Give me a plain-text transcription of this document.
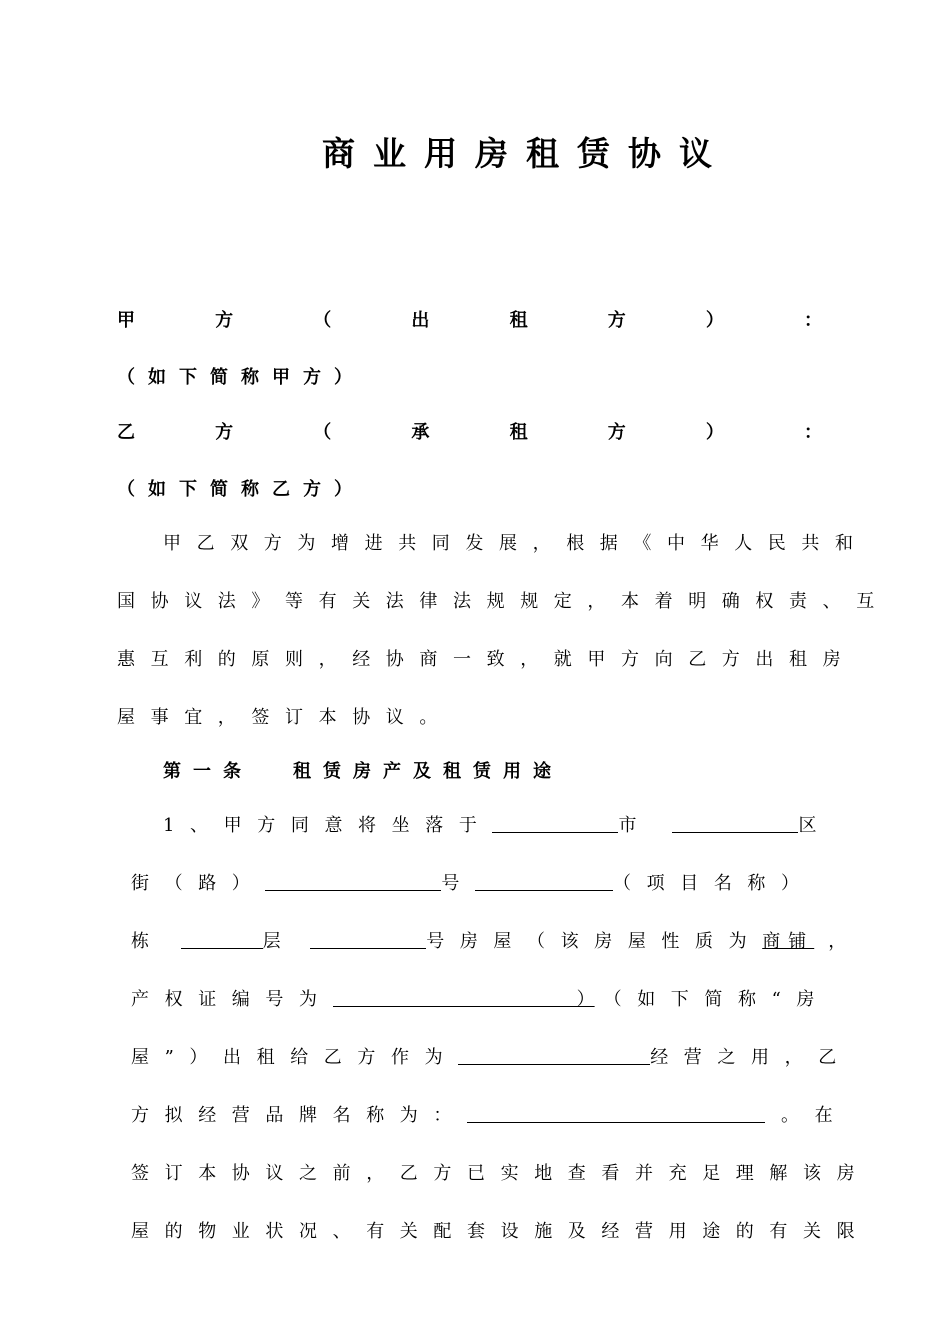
商业用房租赁协议
甲	方	（	出	租	方	）	：
（如下简称甲方）
乙	方	（	承	租	方	）	：
（如下简称乙方）
甲乙双方为增进共同发展，根据《中华人民共和
国协议法》等有关法律法规规定，本着明确权责、互
惠互利的原则，经协商一致，就甲方向乙方出租房
屋事宜，签订本协议。
第一条 租赁房产及租赁用途
1、甲方同意将坐落于	市	区
街（路）	号	（项目名称）
栋	层	号房屋（该房屋性质为商铺 ，
产权证编号为	） （如下简称“房
屋”）出租给乙方作为	经营之用，乙
方拟经营品牌名称为：	。在
签订本协议之前，乙方已实地查看并充足理解该房
屋的物业状况、有关配套设施及经营用途的有关限
